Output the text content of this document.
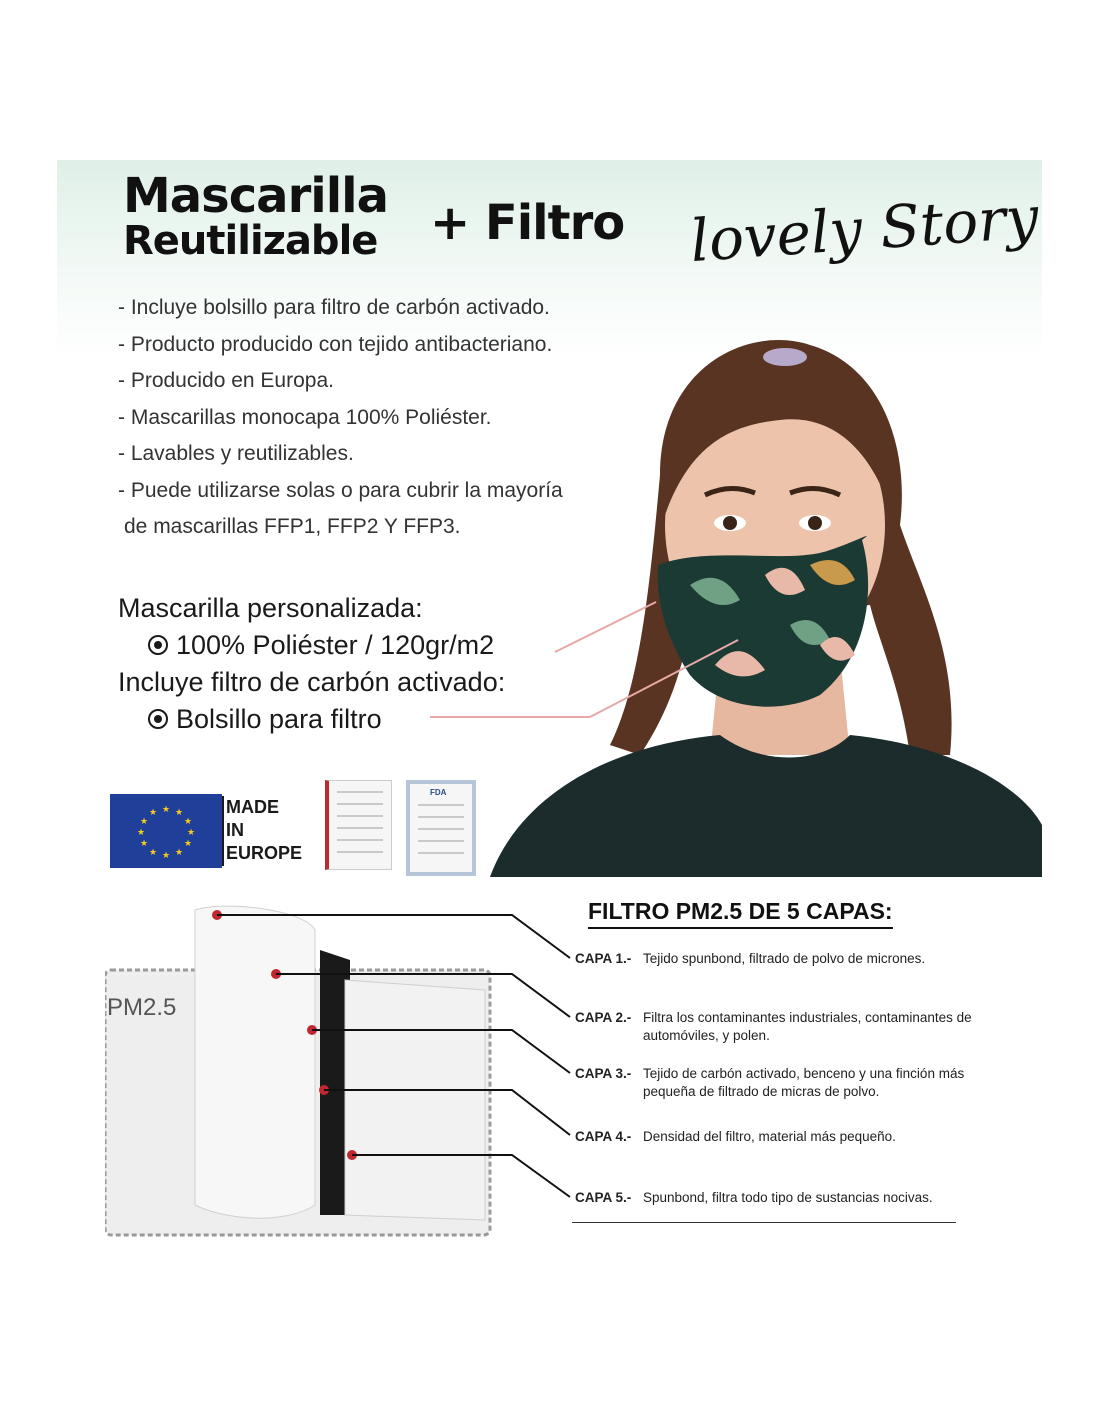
Mascarilla
Reutilizable + Filtro lovely Story
- Incluye bolsillo para filtro de carbón activado.
- Producto producido con tejido antibacteriano.
- Producido en Europa.
- Mascarillas monocapa 100% Poliéster.
- Lavables y reutilizables.
- Puede utilizarse solas o para cubrir la mayoría
de mascarillas FFP1, FFP2 Y FFP3.
Mascarilla personalizada:
100% Poliéster / 120gr/m2
Incluye filtro de carbón activado:
Bolsillo para filtro
★ ★
★
★
★
★
★
★
★
★
★
★	MADE
IN
EUROPE
FDA
PM2.5
FILTRO PM2.5 DE 5 CAPAS:
CAPA 1.- Tejido spunbond, filtrado de polvo de micrones.
CAPA 2.- Filtra los contaminantes industriales, contaminantes de automóviles, y polen.
CAPA 3.- Tejido de carbón activado, benceno y una finción más pequeña de filtrado de micras de polvo.
CAPA 4.- Densidad del filtro, material más pequeño.
CAPA 5.- Spunbond, filtra todo tipo de sustancias nocivas.
